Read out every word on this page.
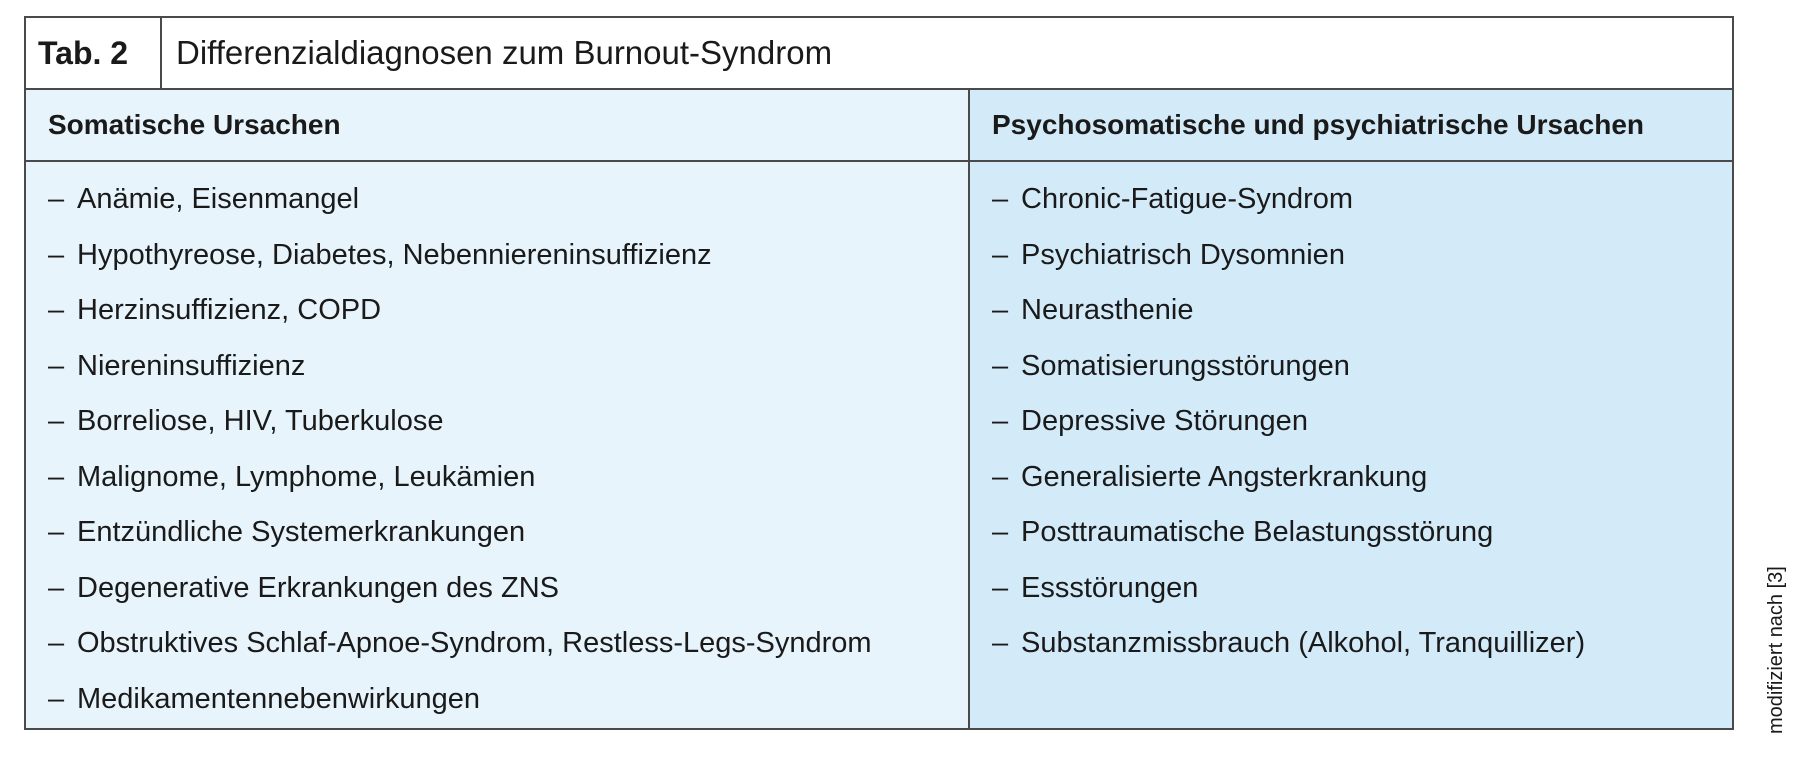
Tab. 2	Differenzialdiagnosen zum Burnout-Syndrom
Somatische Ursachen
– Anämie, Eisenmangel
– Hypothyreose, Diabetes, Nebenniereninsuffizienz
– Herzinsuffizienz, COPD
– Niereninsuffizienz
– Borreliose, HIV, Tuberkulose
– Malignome, Lymphome, Leukämien
– Entzündliche Systemerkrankungen
– Degenerative Erkrankungen des ZNS
– Obstruktives Schlaf-Apnoe-Syndrom, Restless-Legs-Syndrom
– Medikamentennebenwirkungen
Psychosomatische und psychiatrische Ursachen
– Chronic-Fatigue-Syndrom
– Psychiatrisch Dysomnien
– Neurasthenie
– Somatisierungsstörungen
– Depressive Störungen
– Generalisierte Angsterkrankung
– Posttraumatische Belastungsstörung
– Essstörungen
– Substanzmissbrauch (Alkohol, Tranquillizer)	modifiziert nach [3]
